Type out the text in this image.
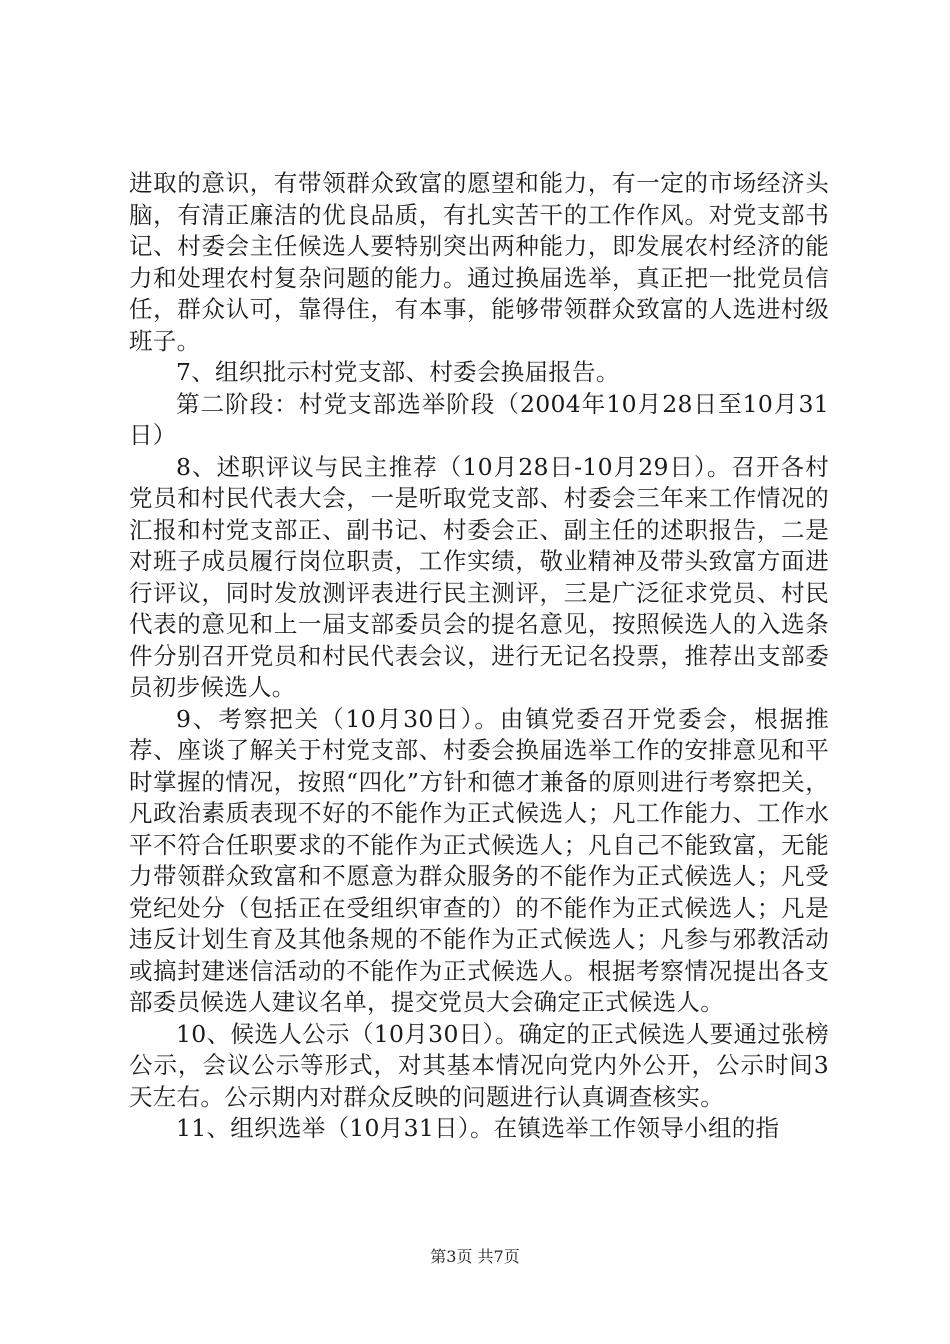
进取的意识，有带领群众致富的愿望和能力，有一定的市场经济头脑，有清正廉洁的优良品质，有扎实苦干的工作作风。对党支部书记、村委会主任候选人要特别突出两种能力，即发展农村经济的能力和处理农村复杂问题的能力。通过换届选举，真正把一批党员信任，群众认可，靠得住，有本事，能够带领群众致富的人选进村级班子。

7、组织批示村党支部、村委会换届报告。

第二阶段：村党支部选举阶段（2004年10月28日至10月31日）

8、述职评议与民主推荐（10月28日-10月29日）。召开各村党员和村民代表大会，一是听取党支部、村委会三年来工作情况的汇报和村党支部正、副书记、村委会正、副主任的述职报告，二是对班子成员履行岗位职责，工作实绩，敬业精神及带头致富方面进行评议，同时发放测评表进行民主测评，三是广泛征求党员、村民代表的意见和上一届支部委员会的提名意见，按照候选人的入选条件分别召开党员和村民代表会议，进行无记名投票，推荐出支部委员初步候选人。

9、考察把关（10月30日）。由镇党委召开党委会，根据推荐、座谈了解关于村党支部、村委会换届选举工作的安排意见和平时掌握的情况，按照“四化”方针和德才兼备的原则进行考察把关，凡政治素质表现不好的不能作为正式候选人；凡工作能力、工作水平不符合任职要求的不能作为正式候选人；凡自己不能致富，无能力带领群众致富和不愿意为群众服务的不能作为正式候选人；凡受党纪处分（包括正在受组织审查的）的不能作为正式候选人；凡是违反计划生育及其他条规的不能作为正式候选人；凡参与邪教活动或搞封建迷信活动的不能作为正式候选人。根据考察情况提出各支部委员候选人建议名单，提交党员大会确定正式候选人。

10、候选人公示（10月30日）。确定的正式候选人要通过张榜公示，会议公示等形式，对其基本情况向党内外公开，公示时间3天左右。公示期内对群众反映的问题进行认真调查核实。

11、组织选举（10月31日）。在镇选举工作领导小组的指

第3页 共7页
